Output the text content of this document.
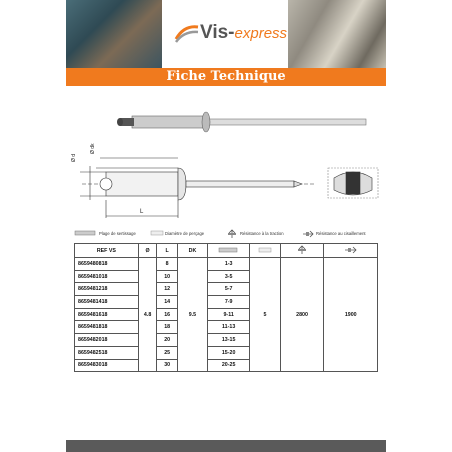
Vis-express
Fiche Technique
Ø d
Ø dk
L
Plage de sertissage	Diamètre de perçage	Résistance à la traction	Résistance au cisaillement
REF VS	Ø	L	DK				
8659480818	4.8	8	9.5	1-3	5	2800	1900
8659481018		10		3-5			
8659481218		12		5-7			
8659481418		14		7-9			
8659481618		16		9-11			
8659481818		18		11-13			
8659482018		20		13-15			
8659482518		25		15-20			
8659483018		30		20-25			
